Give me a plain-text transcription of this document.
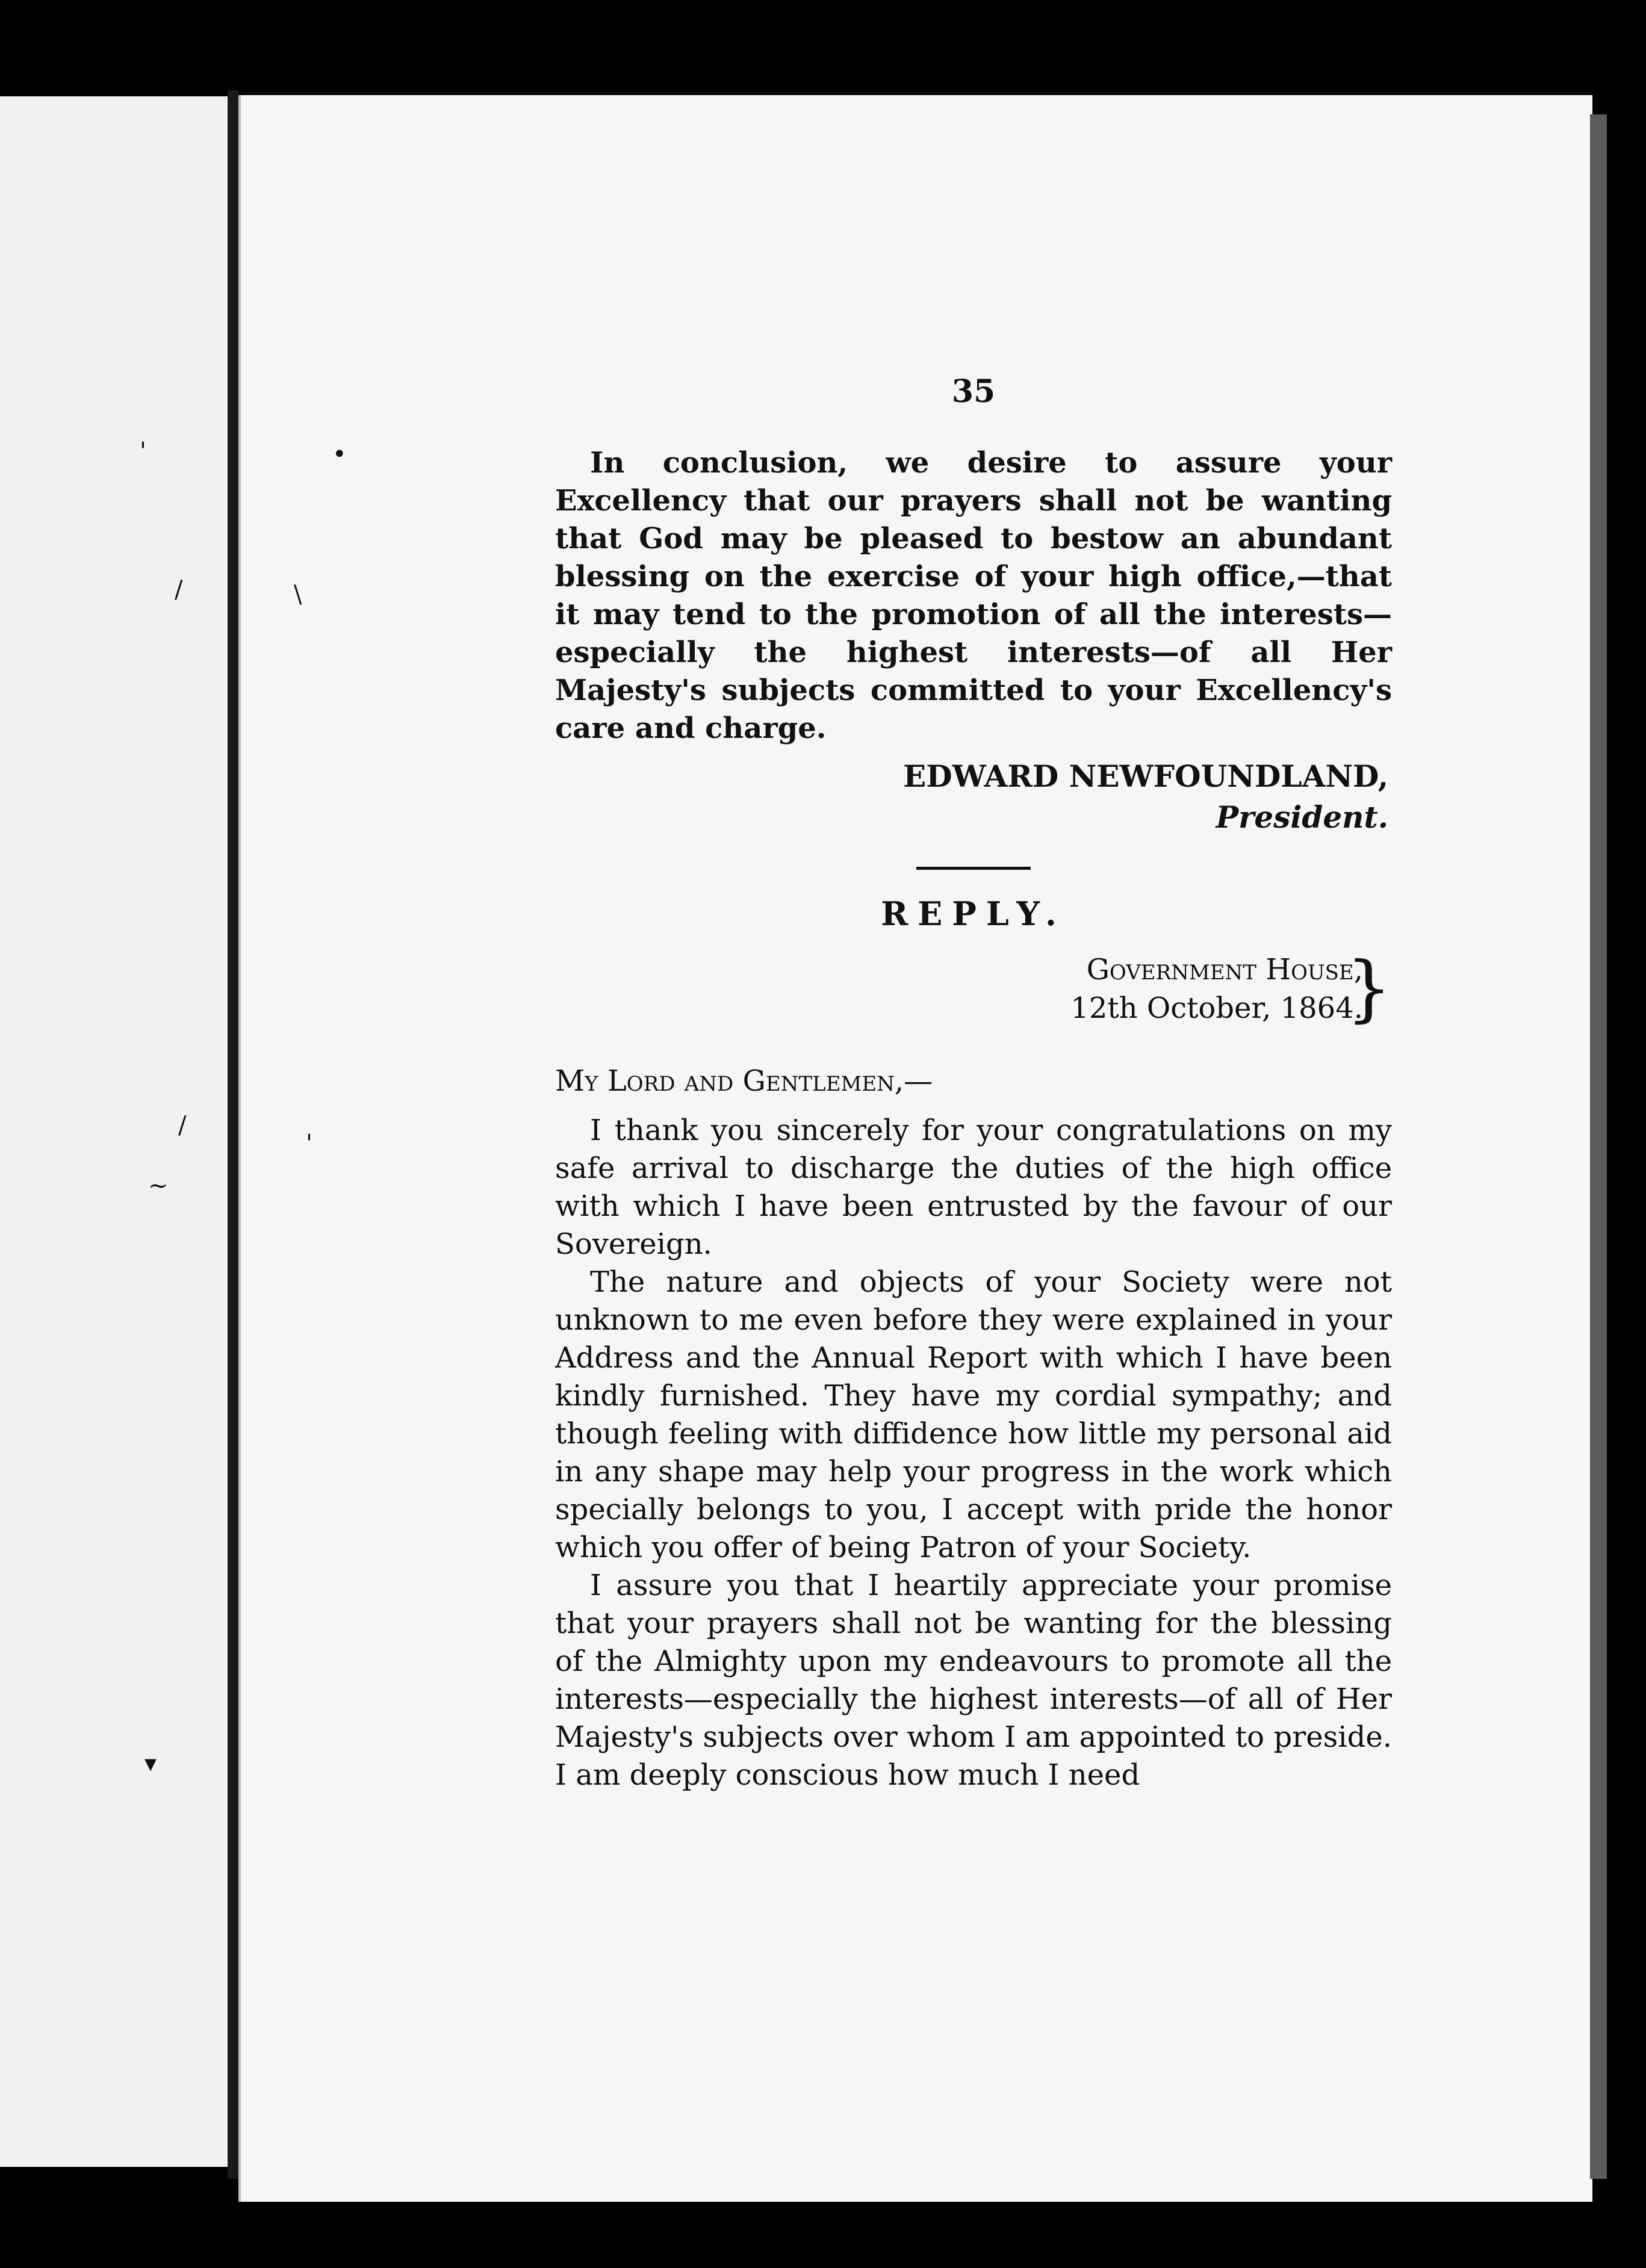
'	•
/	\
/
'
~
▾
35

In conclusion, we desire to assure your Excellency that our prayers shall not be wanting that God may be pleased to bestow an abundant blessing on the exercise of your high office,—that it may tend to the promotion of all the interests—especially the highest interests—of all Her Majesty's subjects committed to your Excellency's care and charge.

EDWARD NEWFOUNDLAND,
President.
REPLY.
Government House,
12th October, 1864.
}
My Lord and Gentlemen,—

I thank you sincerely for your congratulations on my safe arrival to discharge the duties of the high office with which I have been entrusted by the favour of our Sovereign.

The nature and objects of your Society were not unknown to me even before they were explained in your Address and the Annual Report with which I have been kindly furnished. They have my cordial sympathy; and though feeling with diffidence how little my personal aid in any shape may help your progress in the work which specially belongs to you, I accept with pride the honor which you offer of being Patron of your Society.

I assure you that I heartily appreciate your promise that your prayers shall not be wanting for the blessing of the Almighty upon my endeavours to promote all the interests—especially the highest interests—of all of Her Majesty's subjects over whom I am appointed to preside. I am deeply conscious how much I need
